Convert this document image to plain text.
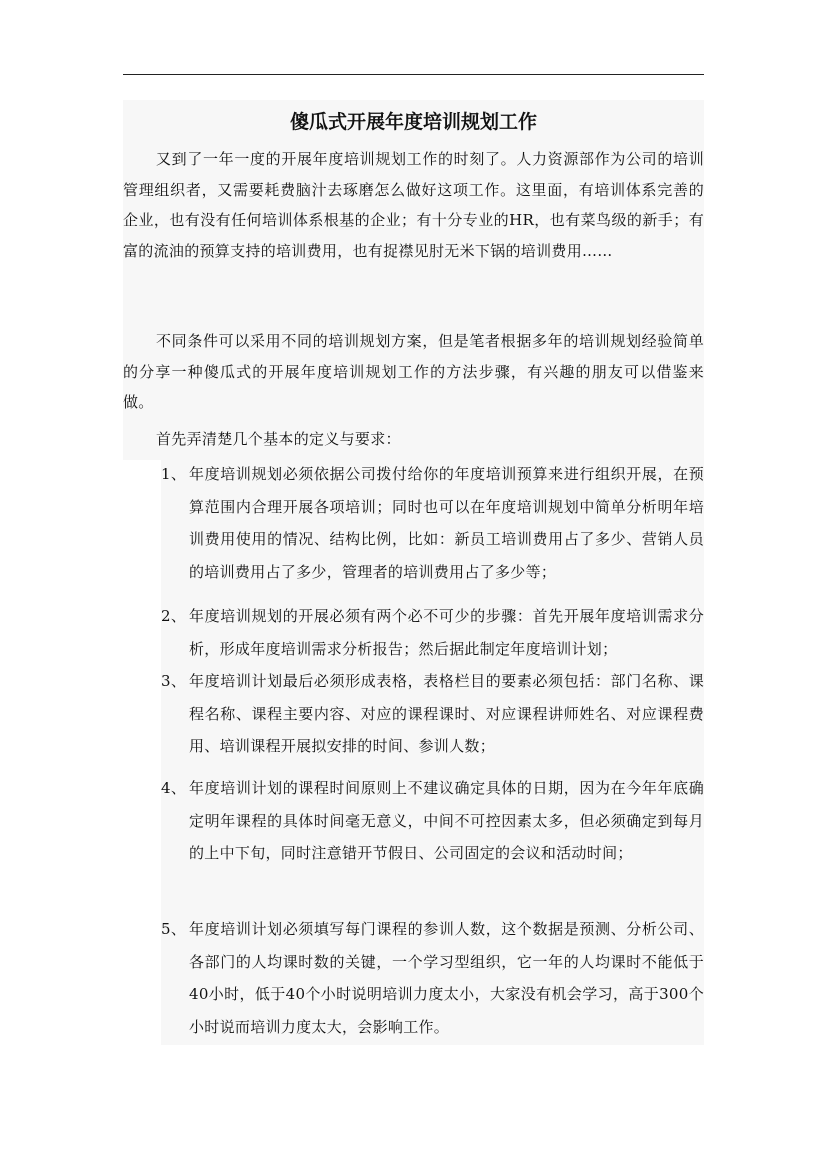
傻瓜式开展年度培训规划工作

又到了一年一度的开展年度培训规划工作的时刻了。人力资源部作为公司的培训管理组织者，又需要耗费脑汁去琢磨怎么做好这项工作。这里面，有培训体系完善的企业，也有没有任何培训体系根基的企业；有十分专业的HR，也有菜鸟级的新手；有富的流油的预算支持的培训费用，也有捉襟见肘无米下锅的培训费用……

不同条件可以采用不同的培训规划方案，但是笔者根据多年的培训规划经验简单的分享一种傻瓜式的开展年度培训规划工作的方法步骤，有兴趣的朋友可以借鉴来做。

首先弄清楚几个基本的定义与要求：

1、 年度培训规划必须依据公司拨付给你的年度培训预算来进行组织开展，在预算范围内合理开展各项培训；同时也可以在年度培训规划中简单分析明年培训费用使用的情况、结构比例，比如：新员工培训费用占了多少、营销人员的培训费用占了多少，管理者的培训费用占了多少等；
2、 年度培训规划的开展必须有两个必不可少的步骤：首先开展年度培训需求分析，形成年度培训需求分析报告；然后据此制定年度培训计划；
3、 年度培训计划最后必须形成表格，表格栏目的要素必须包括：部门名称、课程名称、课程主要内容、对应的课程课时、对应课程讲师姓名、对应课程费用、培训课程开展拟安排的时间、参训人数；
4、 年度培训计划的课程时间原则上不建议确定具体的日期，因为在今年年底确定明年课程的具体时间毫无意义，中间不可控因素太多，但必须确定到每月的上中下旬，同时注意错开节假日、公司固定的会议和活动时间；
5、 年度培训计划必须填写每门课程的参训人数，这个数据是预测、分析公司、各部门的人均课时数的关键，一个学习型组织，它一年的人均课时不能低于40小时，低于40个小时说明培训力度太小，大家没有机会学习，高于300个小时说而培训力度太大，会影响工作。
